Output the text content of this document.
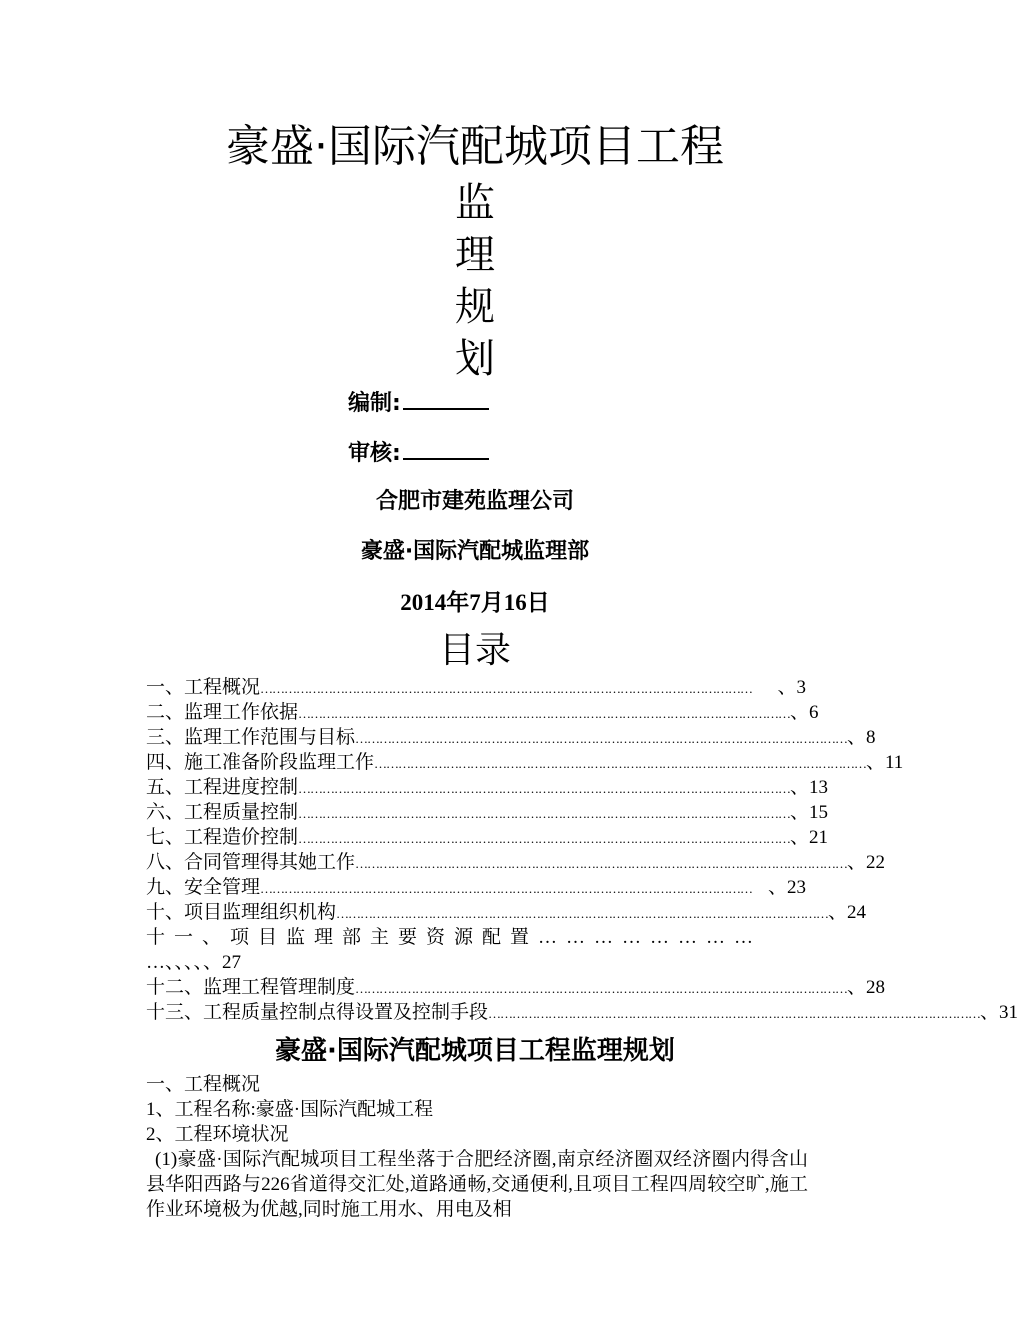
豪盛·国际汽配城项目工程
监
理
规
划
编制:
审核:
合肥市建苑监理公司
豪盛·国际汽配城监理部
2014年7月16日
目录
一、工程概况 ……………………………………………………………………………………………………………	、3
二、监理工作依据 …………………………………………………………………………………………………………… 、6
三、监理工作范围与目标 …………………………………………………………………………………………………………… 、8
四、施工准备阶段监理工作 …………………………………………………………………………………………………………… 、11
五、工程进度控制 …………………………………………………………………………………………………………… 、13
六、工程质量控制 …………………………………………………………………………………………………………… 、15
七、工程造价控制 …………………………………………………………………………………………………………… 、21
八、合同管理得其她工作 …………………………………………………………………………………………………………… 、22
九、安全管理 …………………………………………………………………………………………………………… 、23
十、项目监理组织机构 …………………………………………………………………………………………………………… 、24
十一、项目监理部主要资源配置……………………
…、、、、、27
十二、监理工程管理制度 …………………………………………………………………………………………………………… 、28
十三、工程质量控制点得设置及控制手段 …………………………………………………………………………………………………………… 、31
豪盛·国际汽配城项目工程监理规划
一、工程概况
1、工程名称:豪盛·国际汽配城工程
2、工程环境状况
(1)豪盛·国际汽配城项目工程坐落于合肥经济圈,南京经济圈双经济圈内得含山县华阳西路与226省道得交汇处,道路通畅,交通便利,且项目工程四周较空旷,施工作业环境极为优越,同时施工用水、用电及相
